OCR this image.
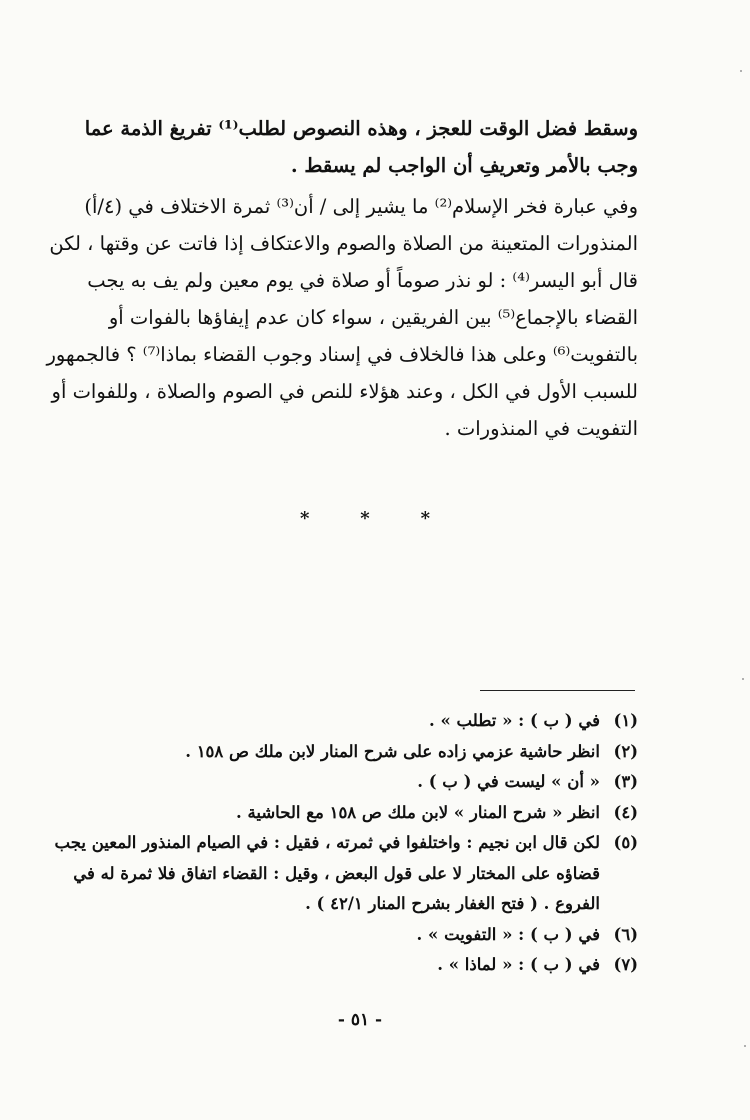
وسقط فضل الوقت للعجز ، وهذه النصوص لطلب⁽¹⁾ تفريغ الذمة عما
وجب بالأمر وتعريفِ أن الواجب لم يسقط .
وفي عبارة فخر الإسلام⁽²⁾ ما يشير إلى / أن⁽³⁾ ثمرة الاختلاف في (٤/أ)
المنذورات المتعينة من الصلاة والصوم والاعتكاف إذا فاتت عن وقتها ، لكن
قال أبو اليسر⁽⁴⁾ : لو نذر صوماً أو صلاة في يوم معين ولم يف به يجب
القضاء بالإجماع⁽⁵⁾ بين الفريقين ، سواء كان عدم إيفاؤها بالفوات أو
بالتفويت⁽⁶⁾ وعلى هذا فالخلاف في إسناد وجوب القضاء بماذا⁽⁷⁾ ؟ فالجمهور
للسبب الأول في الكل ، وعند هؤلاء للنص في الصوم والصلاة ، وللفوات أو
التفويت في المنذورات .
*	*	*
(١)
في ( ب ) : « تطلب » .
(٢)
انظر حاشية عزمي زاده على شرح المنار لابن ملك ص ١٥٨ .
(٣)
« أن » ليست في ( ب ) .
(٤)
انظر « شرح المنار » لابن ملك ص ١٥٨ مع الحاشية .
(٥)
لكن قال ابن نجيم : واختلفوا في ثمرته ، فقيل : في الصيام المنذور المعين يجب
قضاؤه على المختار لا على قول البعض ، وقيل : القضاء اتفاق فلا ثمرة له في
الفروع . ( فتح الغفار بشرح المنار ٤٢/١ ) .
(٦)
في ( ب ) : « التفويت » .
(٧)
في ( ب ) : « لماذا » .
- ٥١ -
